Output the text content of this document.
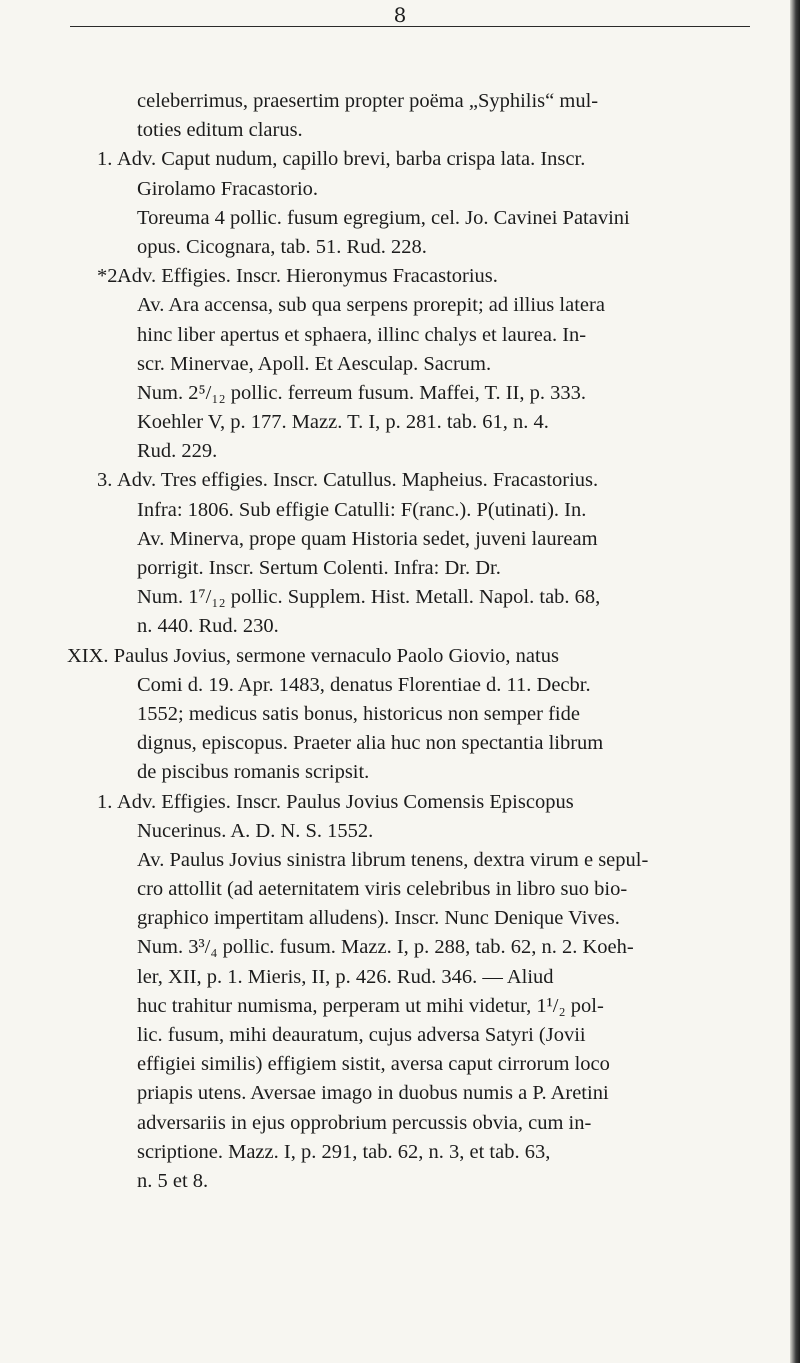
8
celeberrimus, praesertim propter poëma „Syphilis“ mul-
toties editum clarus.
1. Adv. Caput nudum, capillo brevi, barba crispa lata. Inscr.
Girolamo Fracastorio.
Toreuma 4 pollic. fusum egregium, cel. Jo. Cavinei Patavini
opus. Cicognara, tab. 51. Rud. 228.
*2.Adv. Effigies. Inscr. Hieronymus Fracastorius.
Av. Ara accensa, sub qua serpens prorepit; ad illius latera
hinc liber apertus et sphaera, illinc chalys et laurea. In-
scr. Minervae, Apoll. Et Aesculap. Sacrum.
Num. 2⁵/₁₂ pollic. ferreum fusum. Maffei, T. II, p. 333.
Koehler V, p. 177. Mazz. T. I, p. 281. tab. 61, n. 4.
Rud. 229.
3. Adv. Tres effigies. Inscr. Catullus. Mapheius. Fracastorius.
Infra: 1806. Sub effigie Catulli: F(ranc.). P(utinati). In.
Av. Minerva, prope quam Historia sedet, juveni lauream
porrigit. Inscr. Sertum Colenti. Infra: Dr. Dr.
Num. 1⁷/₁₂ pollic. Supplem. Hist. Metall. Napol. tab. 68,
n. 440. Rud. 230.
XIX. Paulus Jovius, sermone vernaculo Paolo Giovio, natus
Comi d. 19. Apr. 1483, denatus Florentiae d. 11. Decbr.
1552; medicus satis bonus, historicus non semper fide
dignus, episcopus. Praeter alia huc non spectantia librum
de piscibus romanis scripsit.
1. Adv. Effigies. Inscr. Paulus Jovius Comensis Episcopus
Nucerinus. A. D. N. S. 1552.
Av. Paulus Jovius sinistra librum tenens, dextra virum e sepul-
cro attollit (ad aeternitatem viris celebribus in libro suo bio-
graphico impertitam alludens). Inscr. Nunc Denique Vives.
Num. 3³/₄ pollic. fusum. Mazz. I, p. 288, tab. 62, n. 2. Koeh-
ler, XII, p. 1. Mieris, II, p. 426. Rud. 346. — Aliud
huc trahitur numisma, perperam ut mihi videtur, 1¹/₂ pol-
lic. fusum, mihi deauratum, cujus adversa Satyri (Jovii
effigiei similis) effigiem sistit, aversa caput cirrorum loco
priapis utens. Aversae imago in duobus numis a P. Aretini
adversariis in ejus opprobrium percussis obvia, cum in-
scriptione. Mazz. I, p. 291, tab. 62, n. 3, et tab. 63,
n. 5 et 8.
